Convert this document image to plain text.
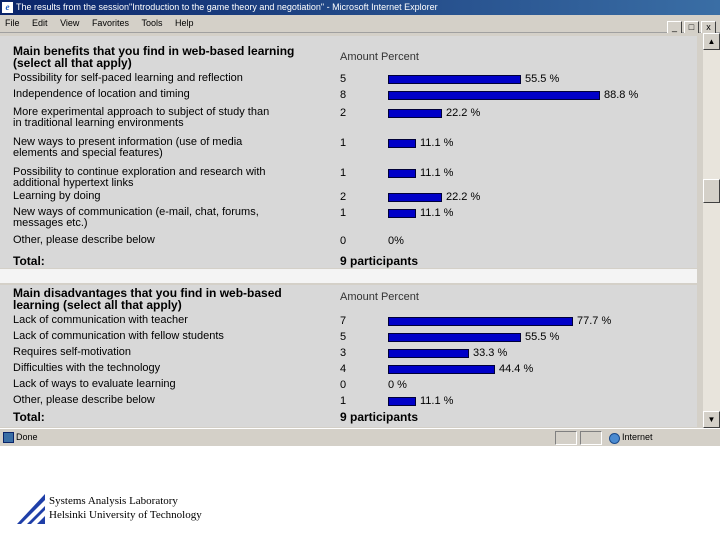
e The results from the session"Introduction to the game theory and negotiation" - Microsoft Internet Explorer
File Edit View Favorites Tools Help	_ □ x
Main benefits that you find in web-based learning
(select all that apply)	Amount Percent
Possibility for self-paced learning and reflection	5	55.5 %
Independence of location and timing	8	88.8 %
More experimental approach to subject of study than
in traditional learning environments
2	22.2 %
New ways to present information (use of media
elements and special features)
1	11.1 %
Possibility to continue exploration and research with
additional hypertext links
1	11.1 %
Learning by doing	2	22.2 %
New ways of communication (e-mail, chat, forums,
messages etc.)
1	11.1 %
Other, please describe below	0	0%
Total:	9 participants
Main disadvantages that you find in web-based
learning (select all that apply)
Amount Percent
Lack of communication with teacher	7	77.7 %
Lack of communication with fellow students	5	55.5 %
Requires self-motivation	3	33.3 %
Difficulties with the technology	4	44.4 %
Lack of ways to evaluate learning	0	0 %
Other, please describe below	1	11.1 %
Total:	9 participants
▲
▼
Done	Internet
Systems Analysis Laboratory
Helsinki University of Technology
